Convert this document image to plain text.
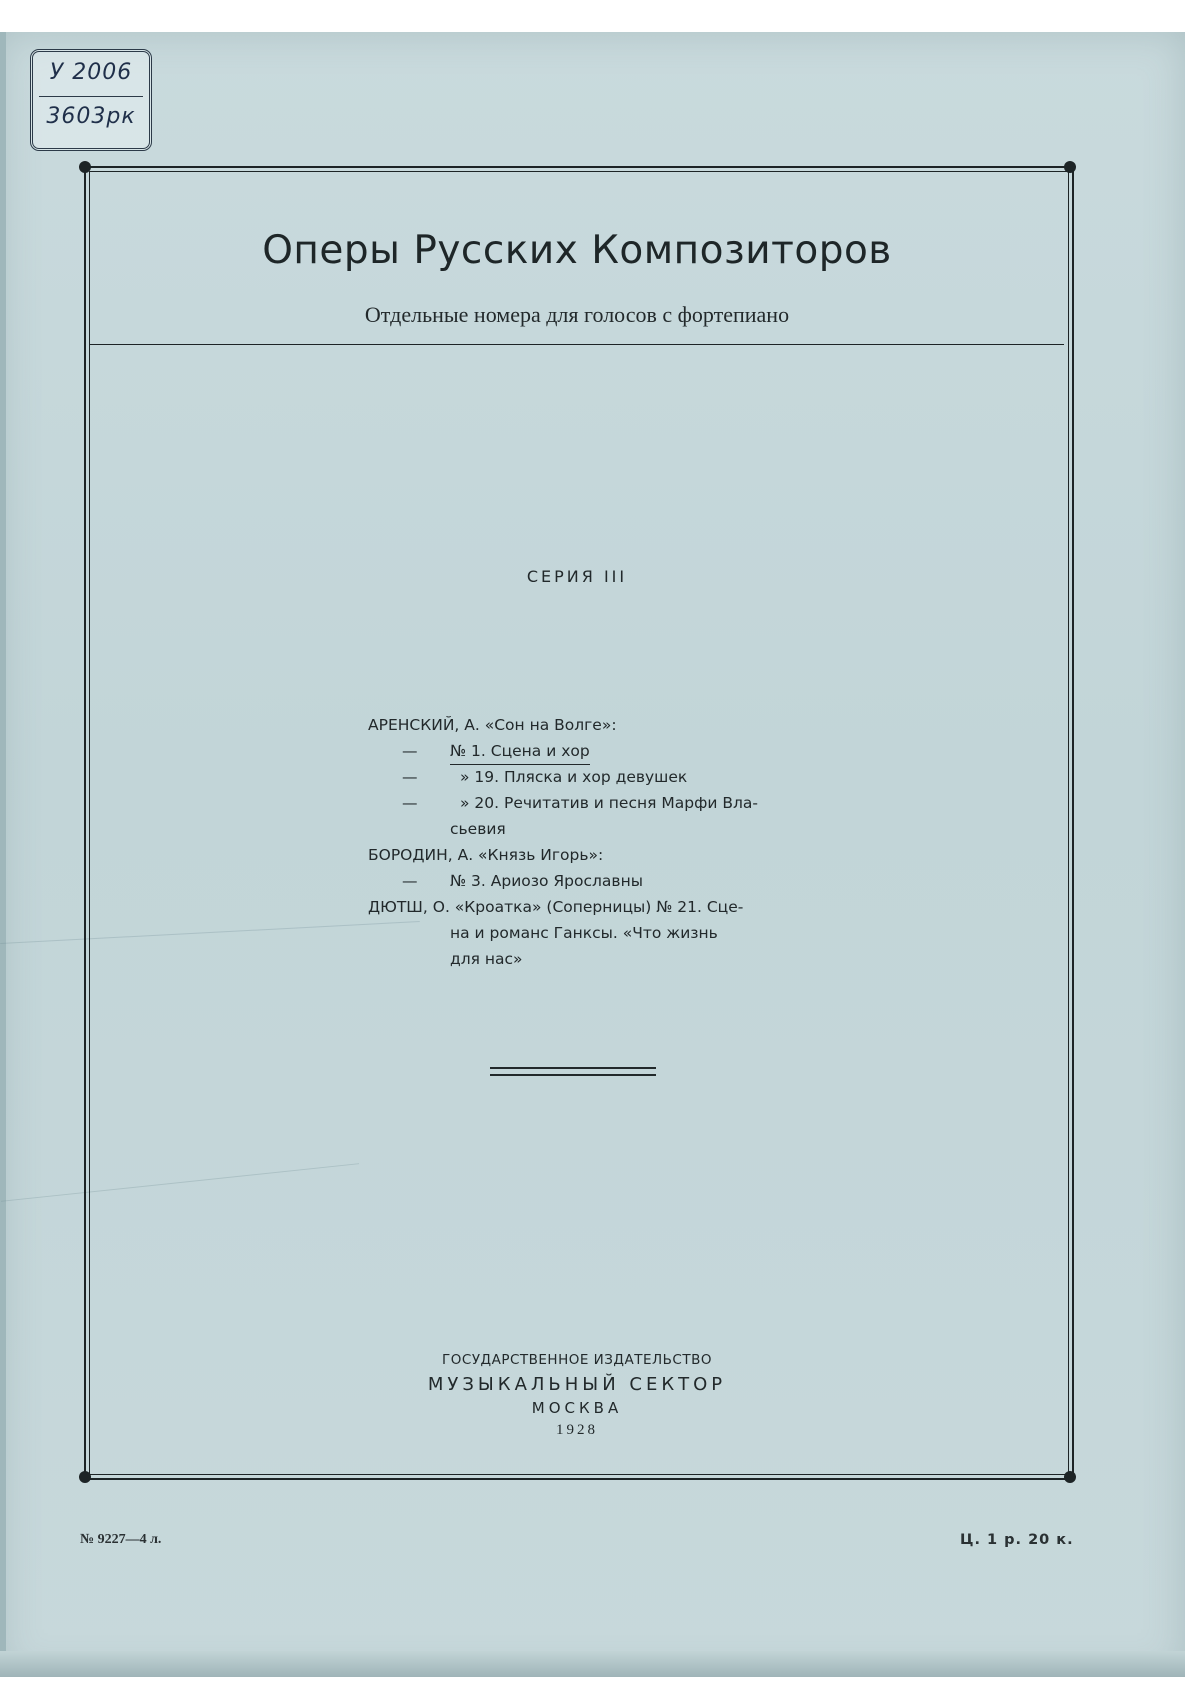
У 2006
3603рк
Оперы Русских Композиторов

Отдельные номера для голосов с фортепиано

СЕРИЯ III
АРЕНСКИЙ, А. «Сон на Волге»:
— № 1. Сцена и хор
—	» 19. Пляска и хор девушек
—	» 20. Речитатив и песня Марфи Вла-
сьевия
БОРОДИН, А. «Князь Игорь»:
— № 3. Ариозо Ярославны
ДЮТШ, О. «Кроатка» (Соперницы) № 21. Сце-
на и романс Ганксы. «Что жизнь
для нас»
ГОСУДАРСТВЕННОЕ ИЗДАТЕЛЬСТВО
МУЗЫКАЛЬНЫЙ СЕКТОР
МОСКВА
1928
№ 9227—4 л.	Ц. 1 р. 20 к.
